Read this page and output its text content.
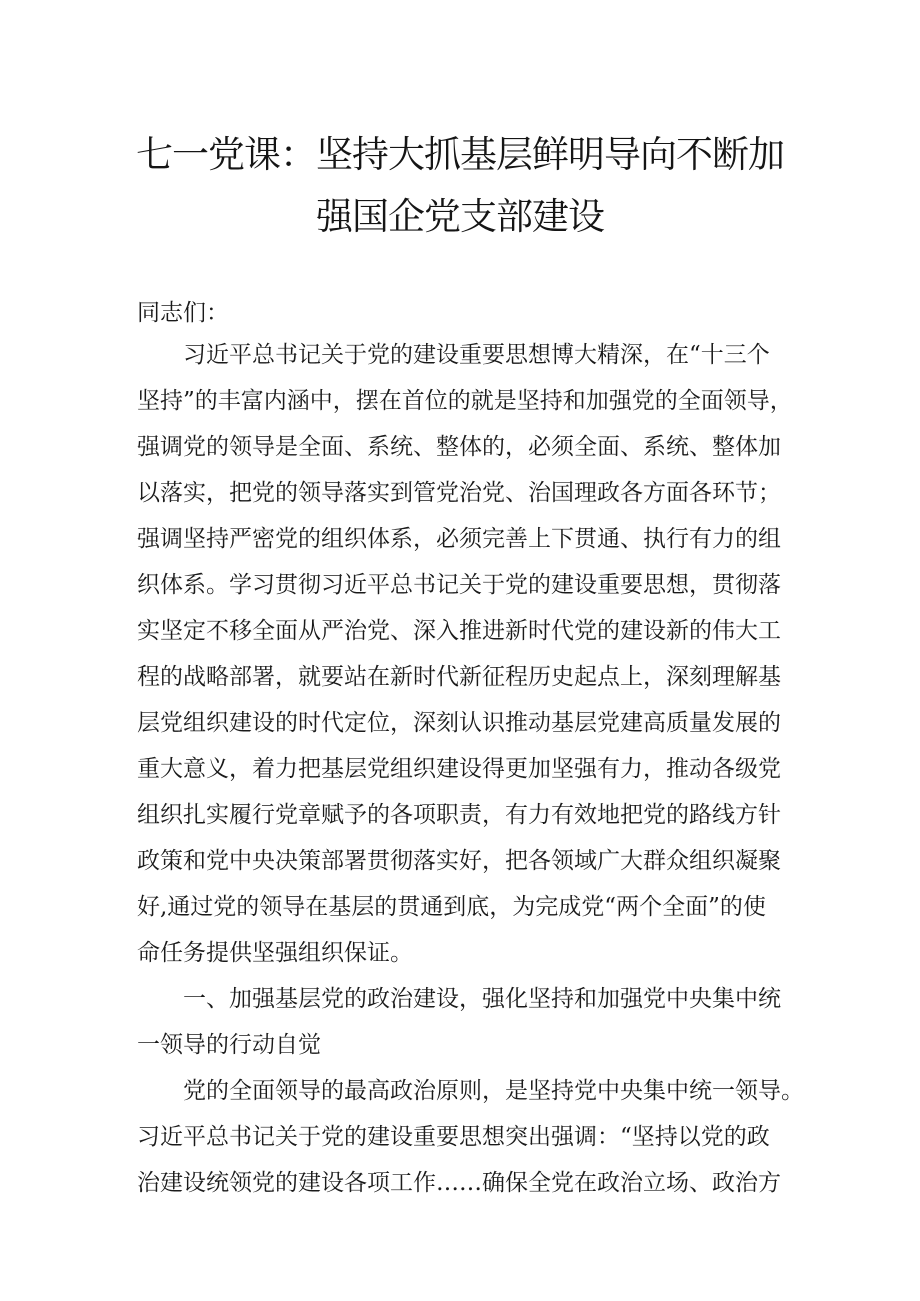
七一党课：坚持大抓基层鲜明导向不断加
强国企党支部建设

同志们：

　　习近平总书记关于党的建设重要思想博大精深，在“十三个

坚持”的丰富内涵中，摆在首位的就是坚持和加强党的全面领导，

强调党的领导是全面、系统、整体的，必须全面、系统、整体加

以落实，把党的领导落实到管党治党、治国理政各方面各环节；

强调坚持严密党的组织体系，必须完善上下贯通、执行有力的组

织体系。学习贯彻习近平总书记关于党的建设重要思想，贯彻落

实坚定不移全面从严治党、深入推进新时代党的建设新的伟大工

程的战略部署，就要站在新时代新征程历史起点上，深刻理解基

层党组织建设的时代定位，深刻认识推动基层党建高质量发展的

重大意义，着力把基层党组织建设得更加坚强有力，推动各级党

组织扎实履行党章赋予的各项职责，有力有效地把党的路线方针

政策和党中央决策部署贯彻落实好，把各领域广大群众组织凝聚

好,通过党的领导在基层的贯通到底，为完成党“两个全面”的使

命任务提供坚强组织保证。

　　一、加强基层党的政治建设，强化坚持和加强党中央集中统

一领导的行动自觉

　　党的全面领导的最高政治原则，是坚持党中央集中统一领导。

习近平总书记关于党的建设重要思想突出强调：“坚持以党的政

治建设统领党的建设各项工作……确保全党在政治立场、政治方
